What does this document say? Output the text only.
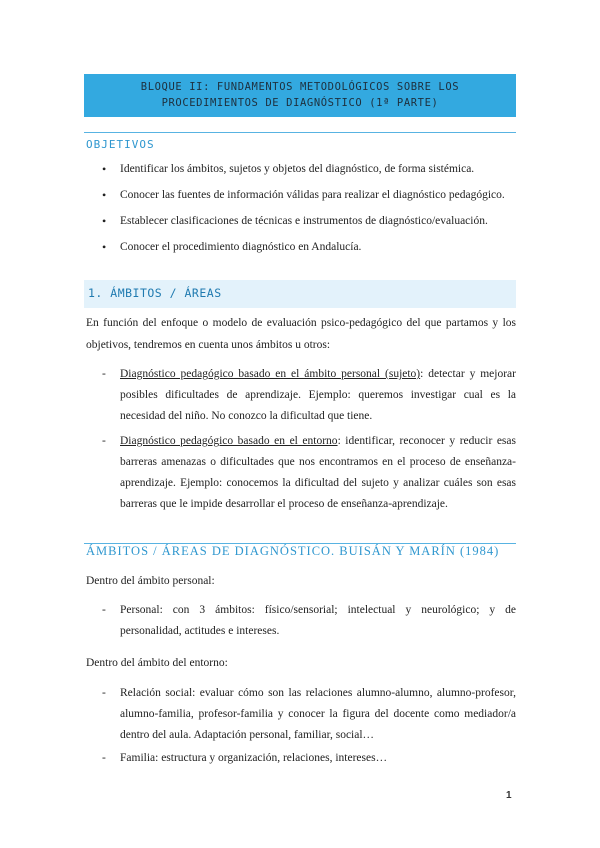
BLOQUE II: FUNDAMENTOS METODOLÓGICOS SOBRE LOS
PROCEDIMIENTOS DE DIAGNÓSTICO (1ª PARTE)
OBJETIVOS
• Identificar los ámbitos, sujetos y objetos del diagnóstico, de forma sistémica.
• Conocer las fuentes de información válidas para realizar el diagnóstico pedagógico.
• Establecer clasificaciones de técnicas e instrumentos de diagnóstico/evaluación.
• Conocer el procedimiento diagnóstico en Andalucía.
1. ÁMBITOS / ÁREAS
En función del enfoque o modelo de evaluación psico-pedagógico del que partamos y los objetivos, tendremos en cuenta unos ámbitos u otros:
- Diagnóstico pedagógico basado en el ámbito personal (sujeto): detectar y mejorar posibles dificultades de aprendizaje. Ejemplo: queremos investigar cual es la necesidad del niño. No conozco la dificultad que tiene.
- Diagnóstico pedagógico basado en el entorno: identificar, reconocer y reducir esas barreras amenazas o dificultades que nos encontramos en el proceso de enseñanza-aprendizaje. Ejemplo: conocemos la dificultad del sujeto y analizar cuáles son esas barreras que le impide desarrollar el proceso de enseñanza-aprendizaje.
ÁMBITOS / ÁREAS DE DIAGNÓSTICO. BUISÁN Y MARÍN (1984)
Dentro del ámbito personal:
- Personal: con 3 ámbitos: físico/sensorial; intelectual y neurológico; y de personalidad, actitudes e intereses.
Dentro del ámbito del entorno:
- Relación social: evaluar cómo son las relaciones alumno-alumno, alumno-profesor, alumno-familia, profesor-familia y conocer la figura del docente como mediador/a dentro del aula. Adaptación personal, familiar, social…
- Familia: estructura y organización, relaciones, intereses…
1
